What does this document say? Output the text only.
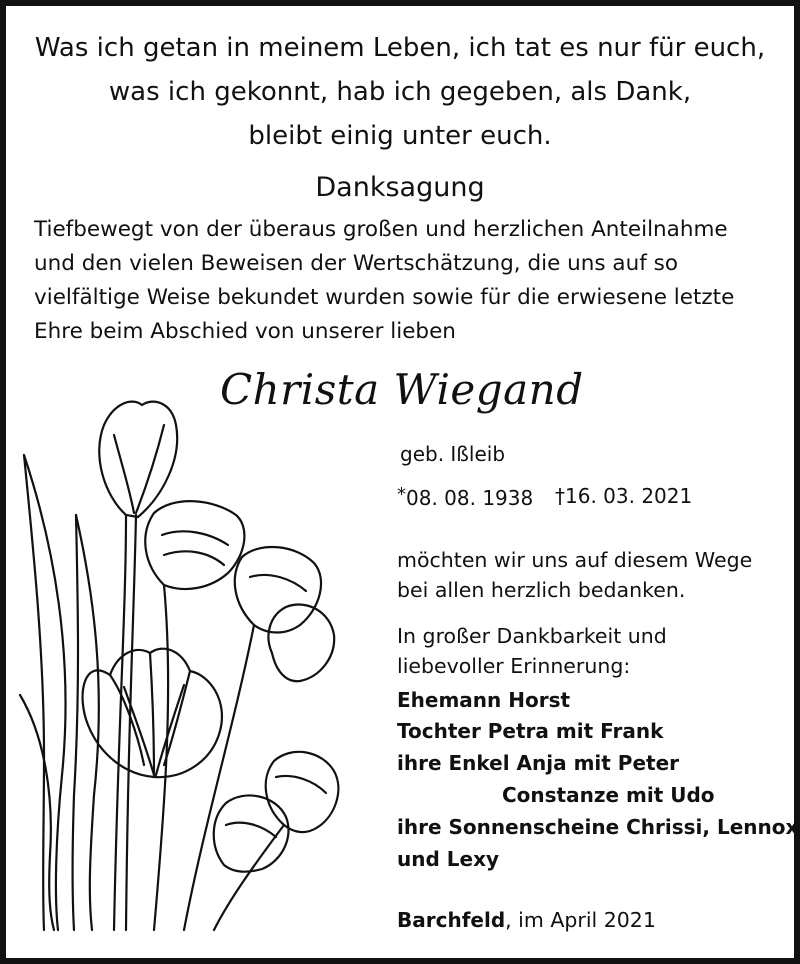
Was ich getan in meinem Leben, ich tat es nur für euch,
was ich gekonnt, hab ich gegeben, als Dank,
bleibt einig unter euch.
Danksagung
Tiefbewegt von der überaus großen und herzlichen Anteilnahme
und den vielen Beweisen der Wertschätzung, die uns auf so
vielfältige Weise bekundet wurden sowie für die erwiesene letzte
Ehre beim Abschied von unserer lieben
Christa Wiegand
geb. Ißleib
*08. 08. 1938 †16. 03. 2021
möchten wir uns auf diesem Wege
bei allen herzlich bedanken.
In großer Dankbarkeit und
liebevoller Erinnerung:
Ehemann Horst
Tochter Petra mit Frank
ihre Enkel Anja mit Peter
Constanze mit Udo
ihre Sonnenscheine Chrissi, Lennox
und Lexy
Barchfeld, im April 2021
